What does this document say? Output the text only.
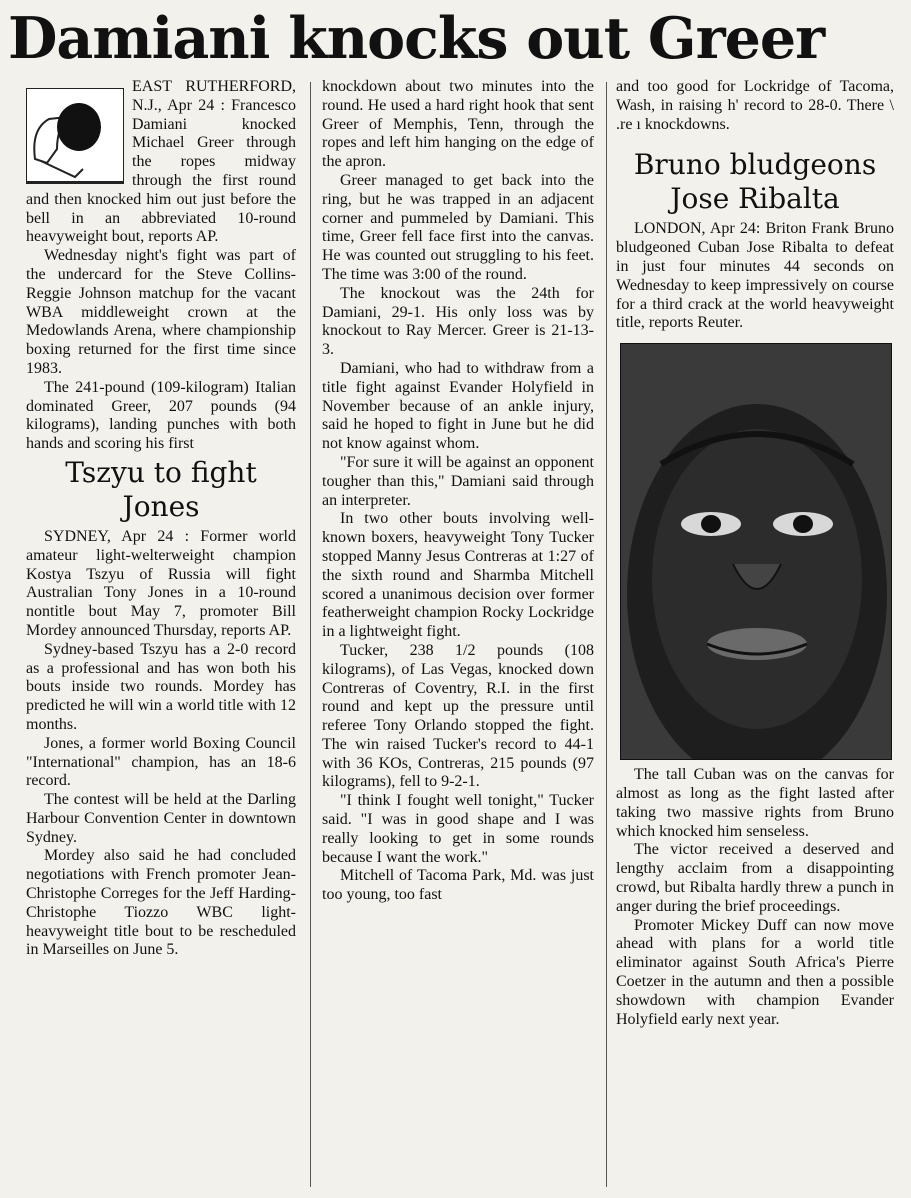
Damiani knocks out Greer

EAST RUTHERFORD, N.J., Apr 24 : Francesco Damiani knocked Michael Greer through the ropes midway through the first round and then knocked him out just before the bell in an abbreviated 10-round heavyweight bout, reports AP.

Wednesday night's fight was part of the undercard for the Steve Collins-Reggie Johnson matchup for the vacant WBA middleweight crown at the Medowlands Arena, where championship boxing returned for the first time since 1983.

The 241-pound (109-kilogram) Italian dominated Greer, 207 pounds (94 kilograms), landing punches with both hands and scoring his first

Tszyu to fight Jones

SYDNEY, Apr 24 : Former world amateur light-welterweight champion Kostya Tszyu of Russia will fight Australian Tony Jones in a 10-round nontitle bout May 7, promoter Bill Mordey announced Thursday, reports AP.

Sydney-based Tszyu has a 2-0 record as a professional and has won both his bouts inside two rounds. Mordey has predicted he will win a world title with 12 months.

Jones, a former world Boxing Council "International" champion, has an 18-6 record.

The contest will be held at the Darling Harbour Convention Center in downtown Sydney.

Mordey also said he had concluded negotiations with French promoter Jean-Christophe Correges for the Jeff Harding-Christophe Tiozzo WBC light-heavyweight title bout to be rescheduled in Marseilles on June 5.

knockdown about two minutes into the round. He used a hard right hook that sent Greer of Memphis, Tenn, through the ropes and left him hanging on the edge of the apron.

Greer managed to get back into the ring, but he was trapped in an adjacent corner and pummeled by Damiani. This time, Greer fell face first into the canvas. He was counted out struggling to his feet. The time was 3:00 of the round.

The knockout was the 24th for Damiani, 29-1. His only loss was by knockout to Ray Mercer. Greer is 21-13-3.

Damiani, who had to withdraw from a title fight against Evander Holyfield in November because of an ankle injury, said he hoped to fight in June but he did not know against whom.

"For sure it will be against an opponent tougher than this," Damiani said through an interpreter.

In two other bouts involving well-known boxers, heavyweight Tony Tucker stopped Manny Jesus Contreras at 1:27 of the sixth round and Sharmba Mitchell scored a unanimous decision over former featherweight champion Rocky Lockridge in a lightweight fight.

Tucker, 238 1/2 pounds (108 kilograms), of Las Vegas, knocked down Contreras of Coventry, R.I. in the first round and kept up the pressure until referee Tony Orlando stopped the fight. The win raised Tucker's record to 44-1 with 36 KOs, Contreras, 215 pounds (97 kilograms), fell to 9-2-1.

"I think I fought well tonight," Tucker said. "I was in good shape and I was really looking to get in some rounds because I want the work."

Mitchell of Tacoma Park, Md. was just too young, too fast

and too good for Lockridge of Tacoma, Wash, in raising h' record to 28-0. There \ .re ı knockdowns.

Bruno bludgeons Jose Ribalta

LONDON, Apr 24: Briton Frank Bruno bludgeoned Cuban Jose Ribalta to defeat in just four minutes 44 seconds on Wednesday to keep impressively on course for a third crack at the world heavyweight title, reports Reuter.

The tall Cuban was on the canvas for almost as long as the fight lasted after taking two massive rights from Bruno which knocked him senseless.

The victor received a deserved and lengthy acclaim from a disappointing crowd, but Ribalta hardly threw a punch in anger during the brief proceedings.

Promoter Mickey Duff can now move ahead with plans for a world title eliminator against South Africa's Pierre Coetzer in the autumn and then a possible showdown with champion Evander Holyfield early next year.
